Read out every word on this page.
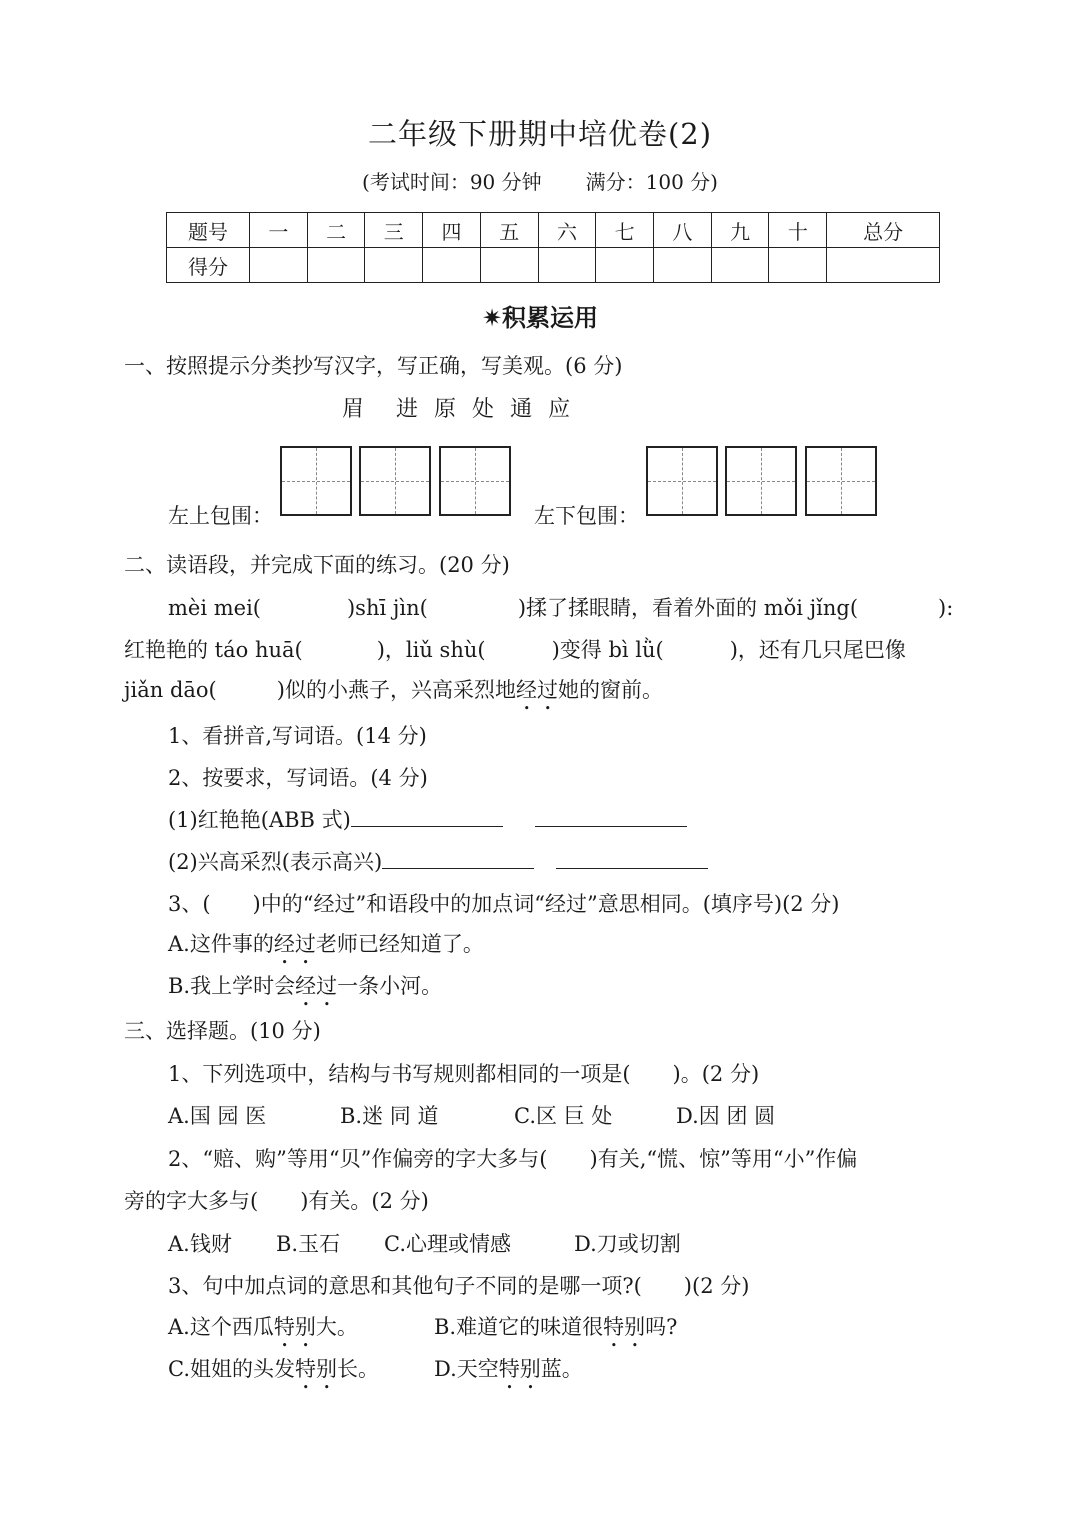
二年级下册期中培优卷(2)
(考试时间：90 分钟 满分：100 分)
题号	一	二	三	四	五	六	七	八	九	十	总分
得分											
✷积累运用
一、按照提示分类抄写汉字，写正确，写美观。(6 分)
眉 进 原 处 通 应
左上包围：	左下包围：
二、读语段，并完成下面的练习。(20 分)
mèi mei(	)shī jìn(	)揉了揉眼睛，看着外面的 mǒi jǐng(	):
红艳艳的 táo huā(	)，liǔ shù(	)变得 bì lǜ(	)，还有几只尾巴像
jiǎn dāo(	)似的小燕子，兴高采烈地经过她的窗前。
1、看拼音,写词语。(14 分)
2、按要求，写词语。(4 分)
(1)红艳艳(ABB 式)
(2)兴高采烈(表示高兴)
3、(　　)中的“经过”和语段中的加点词“经过”意思相同。(填序号)(2 分)
A.这件事的经过老师已经知道了。
B.我上学时会经过一条小河。
三、选择题。(10 分)
1、下列选项中，结构与书写规则都相同的一项是(　　)。(2 分)
A.国 园 医	B.迷 同 道	C.区 巨 处	D.因 团 圆
2、“赔、购”等用“贝”作偏旁的字大多与(　　)有关,“慌、惊”等用“小”作偏
旁的字大多与(　　)有关。(2 分)
A.钱财 B.玉石 C.心理或情感	D.刀或切割
3、句中加点词的意思和其他句子不同的是哪一项?(　　)(2 分)
A.这个西瓜特别大。	B.难道它的味道很特别吗?
C.姐姐的头发特别长。	D.天空特别蓝。
